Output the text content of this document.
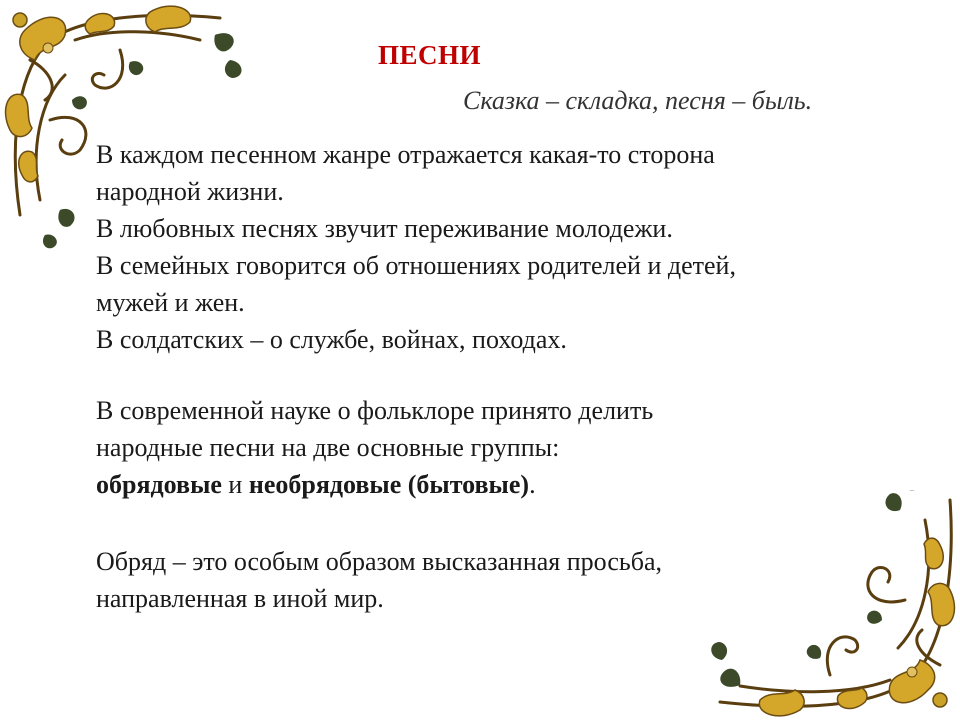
ПЕСНИ
Сказка – складка, песня – быль.

В каждом песенном жанре отражается какая-то сторона
народной жизни.
В любовных песнях звучит переживание молодежи.
В семейных говорится об отношениях родителей и детей,
мужей и жен.
В солдатских – о службе, войнах, походах.

В современной науке о фольклоре принято делить
народные песни на две основные группы:
обрядовые и необрядовые (бытовые).

Обряд – это особым образом высказанная просьба,
направленная в иной мир.
